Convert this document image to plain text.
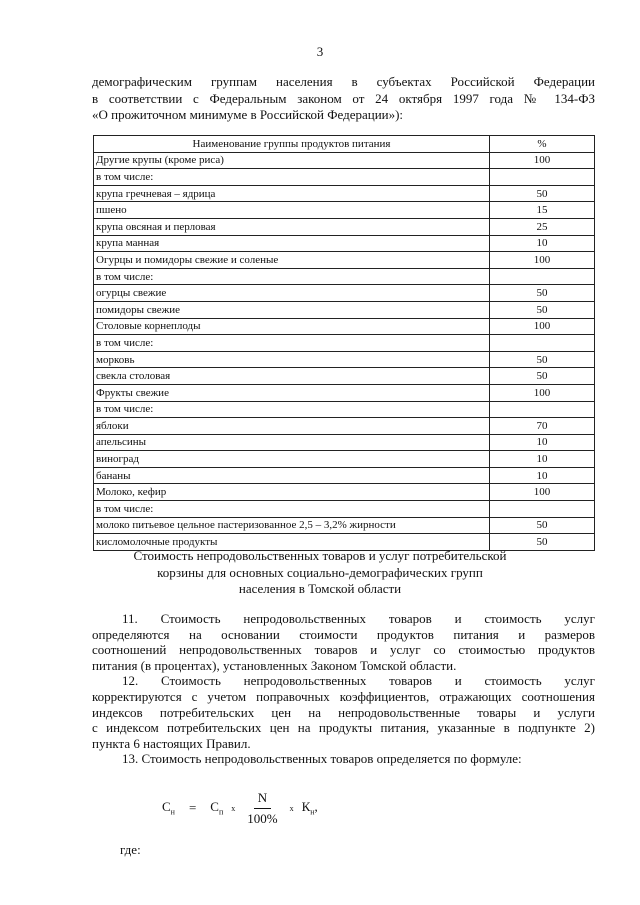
3
демографическим группам населения в субъектах Российской Федерации
в соответствии с Федеральным законом от 24 октября 1997 года № 134-ФЗ
«О прожиточном минимуме в Российской Федерации»):
Наименование группы продуктов питания	%
Другие крупы (кроме риса)	100
в том числе:	
крупа гречневая – ядрица	50
пшено	15
крупа овсяная и перловая	25
крупа манная	10
Огурцы и помидоры свежие и соленые	100
в том числе:	
огурцы свежие	50
помидоры свежие	50
Столовые корнеплоды	100
в том числе:	
морковь	50
свекла столовая	50
Фрукты свежие	100
в том числе:	
яблоки	70
апельсины	10
виноград	10
бананы	10
Молоко, кефир	100
в том числе:	
молоко питьевое цельное пастеризованное 2,5 – 3,2% жирности	50
кисломолочные продукты	50
Стоимость непродовольственных товаров и услуг потребительской
корзины для основных социально-демографических групп
населения в Томской области
11. Стоимость непродовольственных товаров и стоимость услуг
определяются на основании стоимости продуктов питания и размеров
соотношений непродовольственных товаров и услуг со стоимостью продуктов
питания (в процентах), установленных Законом Томской области.
12. Стоимость непродовольственных товаров и стоимость услуг
корректируются с учетом поправочных коэффициентов, отражающих соотношения
индексов потребительских цен на непродовольственные товары и услуги
с индексом потребительских цен на продукты питания, указанные в подпункте 2)
пункта 6 настоящих Правил.
13. Стоимость непродовольственных товаров определяется по формуле:
$С_н = С_п$ x $\frac{N}{100\%}$ x $К_н$,
где:
